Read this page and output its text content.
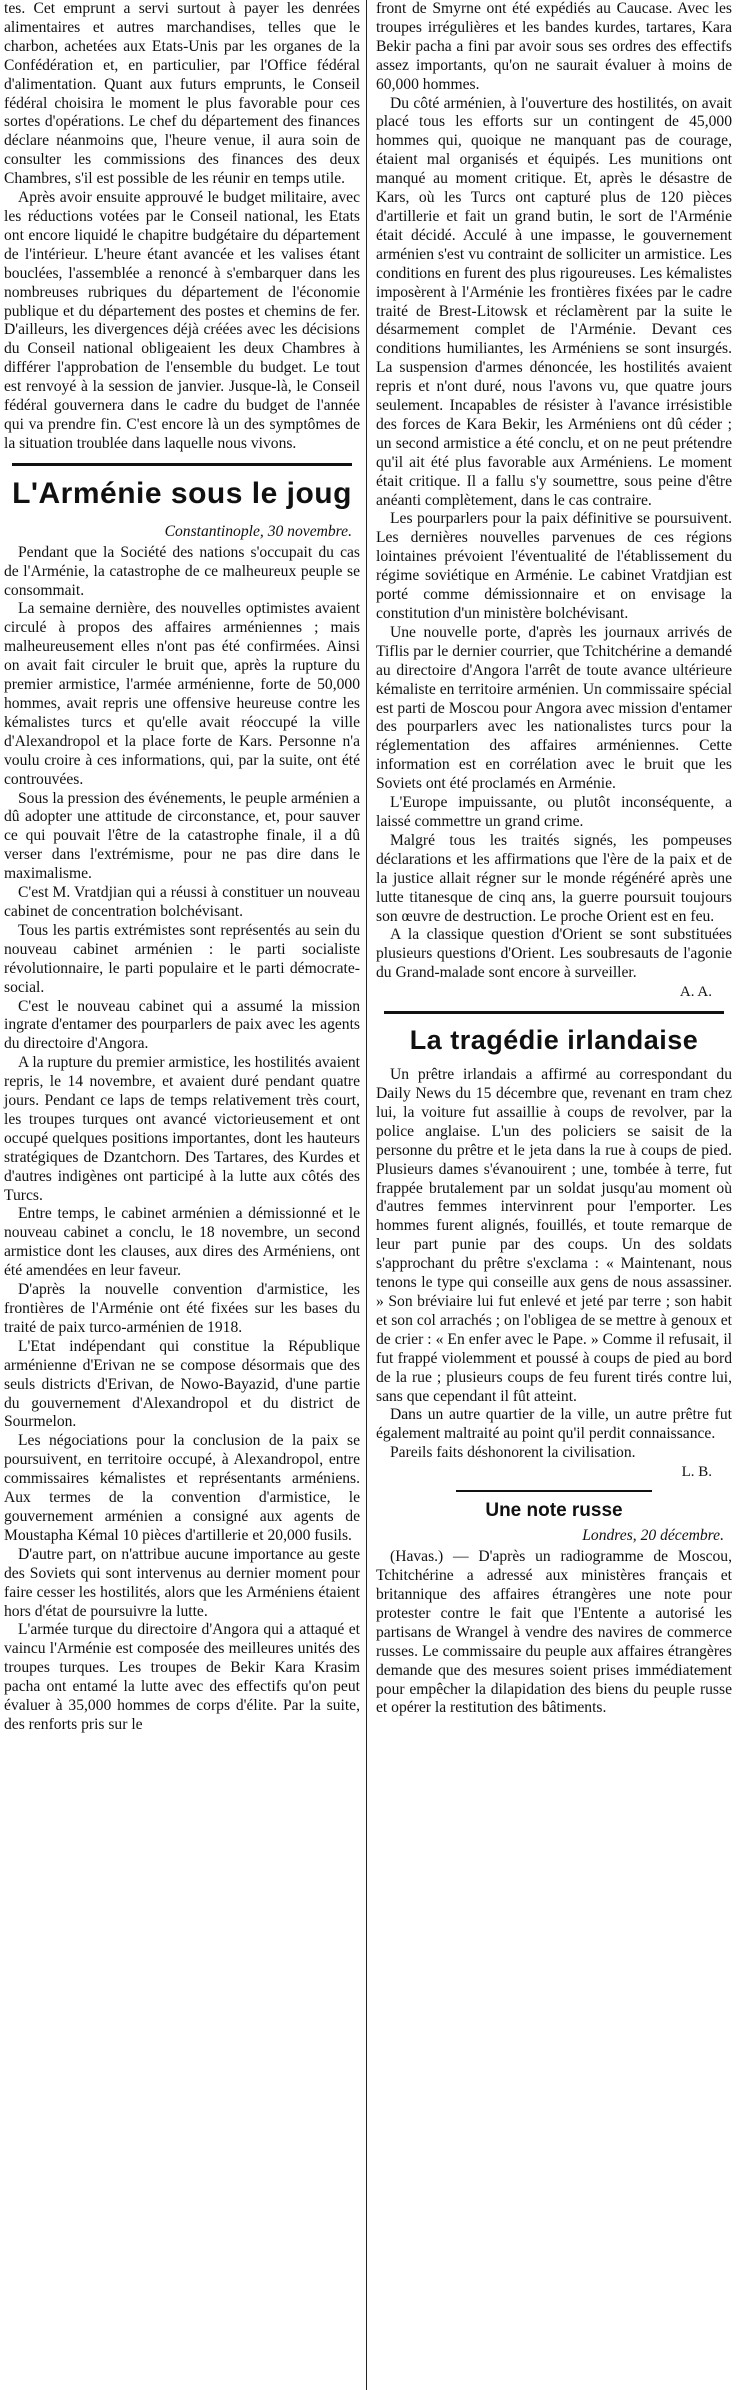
tes. Cet emprunt a servi surtout à payer les denrées alimentaires et autres marchandises, telles que le charbon, achetées aux Etats-Unis par les organes de la Confédération et, en particulier, par l'Office fédéral d'alimentation. Quant aux futurs emprunts, le Conseil fédéral choisira le moment le plus favorable pour ces sortes d'opérations. Le chef du département des finances déclare néanmoins que, l'heure venue, il aura soin de consulter les commissions des finances des deux Chambres, s'il est possible de les réunir en temps utile.

Après avoir ensuite approuvé le budget militaire, avec les réductions votées par le Conseil national, les Etats ont encore liquidé le chapitre budgétaire du département de l'intérieur. L'heure étant avancée et les valises étant bouclées, l'assemblée a renoncé à s'embarquer dans les nombreuses rubriques du département de l'économie publique et du département des postes et chemins de fer. D'ailleurs, les divergences déjà créées avec les décisions du Conseil national obligeaient les deux Chambres à différer l'approbation de l'ensemble du budget. Le tout est renvoyé à la session de janvier. Jusque-là, le Conseil fédéral gouvernera dans le cadre du budget de l'année qui va prendre fin. C'est encore là un des symptômes de la situation troublée dans laquelle nous vivons.

L'Arménie sous le joug
Constantinople, 30 novembre.

Pendant que la Société des nations s'occupait du cas de l'Arménie, la catastrophe de ce malheureux peuple se consommait.

La semaine dernière, des nouvelles optimistes avaient circulé à propos des affaires arméniennes ; mais malheureusement elles n'ont pas été confirmées. Ainsi on avait fait circuler le bruit que, après la rupture du premier armistice, l'armée arménienne, forte de 50,000 hommes, avait repris une offensive heureuse contre les kémalistes turcs et qu'elle avait réoccupé la ville d'Alexandropol et la place forte de Kars. Personne n'a voulu croire à ces informations, qui, par la suite, ont été controuvées.

Sous la pression des événements, le peuple arménien a dû adopter une attitude de circonstance, et, pour sauver ce qui pouvait l'être de la catastrophe finale, il a dû verser dans l'extrémisme, pour ne pas dire dans le maximalisme.

C'est M. Vratdjian qui a réussi à constituer un nouveau cabinet de concentration bolchévisant.

Tous les partis extrémistes sont représentés au sein du nouveau cabinet arménien : le parti socialiste révolutionnaire, le parti populaire et le parti démocrate-social.

C'est le nouveau cabinet qui a assumé la mission ingrate d'entamer des pourparlers de paix avec les agents du directoire d'Angora.

A la rupture du premier armistice, les hostilités avaient repris, le 14 novembre, et avaient duré pendant quatre jours. Pendant ce laps de temps relativement très court, les troupes turques ont avancé victorieusement et ont occupé quelques positions importantes, dont les hauteurs stratégiques de Dzantchorn. Des Tartares, des Kurdes et d'autres indigènes ont participé à la lutte aux côtés des Turcs.

Entre temps, le cabinet arménien a démissionné et le nouveau cabinet a conclu, le 18 novembre, un second armistice dont les clauses, aux dires des Arméniens, ont été amendées en leur faveur.

D'après la nouvelle convention d'armistice, les frontières de l'Arménie ont été fixées sur les bases du traité de paix turco-arménien de 1918.

L'Etat indépendant qui constitue la République arménienne d'Erivan ne se compose désormais que des seuls districts d'Erivan, de Nowo-Bayazid, d'une partie du gouvernement d'Alexandropol et du district de Sourmelon.

Les négociations pour la conclusion de la paix se poursuivent, en territoire occupé, à Alexandropol, entre commissaires kémalistes et représentants arméniens. Aux termes de la convention d'armistice, le gouvernement arménien a consigné aux agents de Moustapha Kémal 10 pièces d'artillerie et 20,000 fusils.

D'autre part, on n'attribue aucune importance au geste des Soviets qui sont intervenus au dernier moment pour faire cesser les hostilités, alors que les Arméniens étaient hors d'état de poursuivre la lutte.

L'armée turque du directoire d'Angora qui a attaqué et vaincu l'Arménie est composée des meilleures unités des troupes turques. Les troupes de Bekir Kara Krasim pacha ont entamé la lutte avec des effectifs qu'on peut évaluer à 35,000 hommes de corps d'élite. Par la suite, des renforts pris sur le

front de Smyrne ont été expédiés au Caucase. Avec les troupes irrégulières et les bandes kurdes, tartares, Kara Bekir pacha a fini par avoir sous ses ordres des effectifs assez importants, qu'on ne saurait évaluer à moins de 60,000 hommes.

Du côté arménien, à l'ouverture des hostilités, on avait placé tous les efforts sur un contingent de 45,000 hommes qui, quoique ne manquant pas de courage, étaient mal organisés et équipés. Les munitions ont manqué au moment critique. Et, après le désastre de Kars, où les Turcs ont capturé plus de 120 pièces d'artillerie et fait un grand butin, le sort de l'Arménie était décidé. Acculé à une impasse, le gouvernement arménien s'est vu contraint de solliciter un armistice. Les conditions en furent des plus rigoureuses. Les kémalistes imposèrent à l'Arménie les frontières fixées par le cadre traité de Brest-Litowsk et réclamèrent par la suite le désarmement complet de l'Arménie. Devant ces conditions humiliantes, les Arméniens se sont insurgés. La suspension d'armes dénoncée, les hostilités avaient repris et n'ont duré, nous l'avons vu, que quatre jours seulement. Incapables de résister à l'avance irrésistible des forces de Kara Bekir, les Arméniens ont dû céder ; un second armistice a été conclu, et on ne peut prétendre qu'il ait été plus favorable aux Arméniens. Le moment était critique. Il a fallu s'y soumettre, sous peine d'être anéanti complètement, dans le cas contraire.

Les pourparlers pour la paix définitive se poursuivent. Les dernières nouvelles parvenues de ces régions lointaines prévoient l'éventualité de l'établissement du régime soviétique en Arménie. Le cabinet Vratdjian est porté comme démissionnaire et on envisage la constitution d'un ministère bolchévisant.

Une nouvelle porte, d'après les journaux arrivés de Tiflis par le dernier courrier, que Tchitchérine a demandé au directoire d'Angora l'arrêt de toute avance ultérieure kémaliste en territoire arménien. Un commissaire spécial est parti de Moscou pour Angora avec mission d'entamer des pourparlers avec les nationalistes turcs pour la réglementation des affaires arméniennes. Cette information est en corrélation avec le bruit que les Soviets ont été proclamés en Arménie.

L'Europe impuissante, ou plutôt inconséquente, a laissé commettre un grand crime.

Malgré tous les traités signés, les pompeuses déclarations et les affirmations que l'ère de la paix et de la justice allait régner sur le monde régénéré après une lutte titanesque de cinq ans, la guerre poursuit toujours son œuvre de destruction. Le proche Orient est en feu.

A la classique question d'Orient se sont substituées plusieurs questions d'Orient. Les soubresauts de l'agonie du Grand-malade sont encore à surveiller.

A. A.
La tragédie irlandaise

Un prêtre irlandais a affirmé au correspondant du Daily News du 15 décembre que, revenant en tram chez lui, la voiture fut assaillie à coups de revolver, par la police anglaise. L'un des policiers se saisit de la personne du prêtre et le jeta dans la rue à coups de pied. Plusieurs dames s'évanouirent ; une, tombée à terre, fut frappée brutalement par un soldat jusqu'au moment où d'autres femmes intervinrent pour l'emporter. Les hommes furent alignés, fouillés, et toute remarque de leur part punie par des coups. Un des soldats s'approchant du prêtre s'exclama : « Maintenant, nous tenons le type qui conseille aux gens de nous assassiner. » Son bréviaire lui fut enlevé et jeté par terre ; son habit et son col arrachés ; on l'obligea de se mettre à genoux et de crier : « En enfer avec le Pape. » Comme il refusait, il fut frappé violemment et poussé à coups de pied au bord de la rue ; plusieurs coups de feu furent tirés contre lui, sans que cependant il fût atteint.

Dans un autre quartier de la ville, un autre prêtre fut également maltraité au point qu'il perdit connaissance.

Pareils faits déshonorent la civilisation.

L. B.
Une note russe
Londres, 20 décembre.

(Havas.) — D'après un radiogramme de Moscou, Tchitchérine a adressé aux ministères français et britannique des affaires étrangères une note pour protester contre le fait que l'Entente a autorisé les partisans de Wrangel à vendre des navires de commerce russes. Le commissaire du peuple aux affaires étrangères demande que des mesures soient prises immédiatement pour empêcher la dilapidation des biens du peuple russe et opérer la restitution des bâtiments.
